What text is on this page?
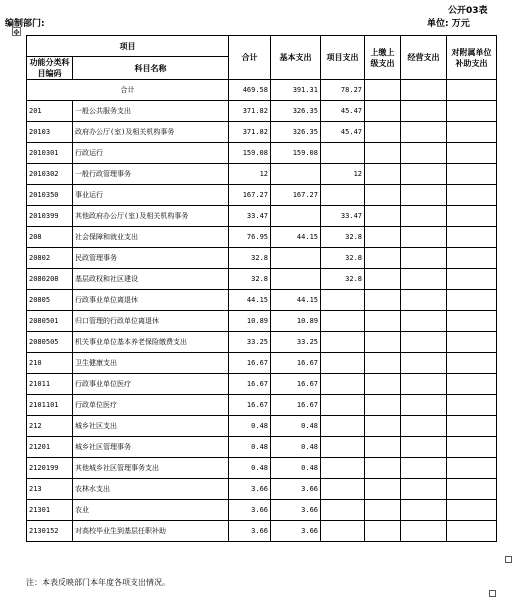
公开03表
编制部门:	单位: 万元
✥
项目		合计	基本支出	项目支出	上缴上级支出	经营支出	对附属单位补助支出
功能分类科目编码	科目名称						
合计		469.58	391.31	78.27			
201	一般公共服务支出	371.82	326.35	45.47			
20103	政府办公厅(室)及相关机构事务	371.82	326.35	45.47			
2010301	行政运行	159.08	159.08				
2010302	一般行政管理事务	12		12			
2010350	事业运行	167.27	167.27				
2010399	其他政府办公厅(室)及相关机构事务	33.47		33.47			
208	社会保障和就业支出	76.95	44.15	32.8			
20802	民政管理事务	32.8		32.8			
2080208	基层政权和社区建设	32.8		32.8			
20805	行政事业单位离退休	44.15	44.15				
2080501	归口管理的行政单位离退休	10.89	10.89				
2080505	机关事业单位基本养老保险缴费支出	33.25	33.25				
210	卫生健康支出	16.67	16.67				
21011	行政事业单位医疗	16.67	16.67				
2101101	行政单位医疗	16.67	16.67				
212	城乡社区支出	0.48	0.48				
21201	城乡社区管理事务	0.48	0.48				
2120199	其他城乡社区管理事务支出	0.48	0.48				
213	农林水支出	3.66	3.66				
21301	农业	3.66	3.66				
2130152	对高校毕业生到基层任职补助	3.66	3.66				
注：本表反映部门本年度各项支出情况。
